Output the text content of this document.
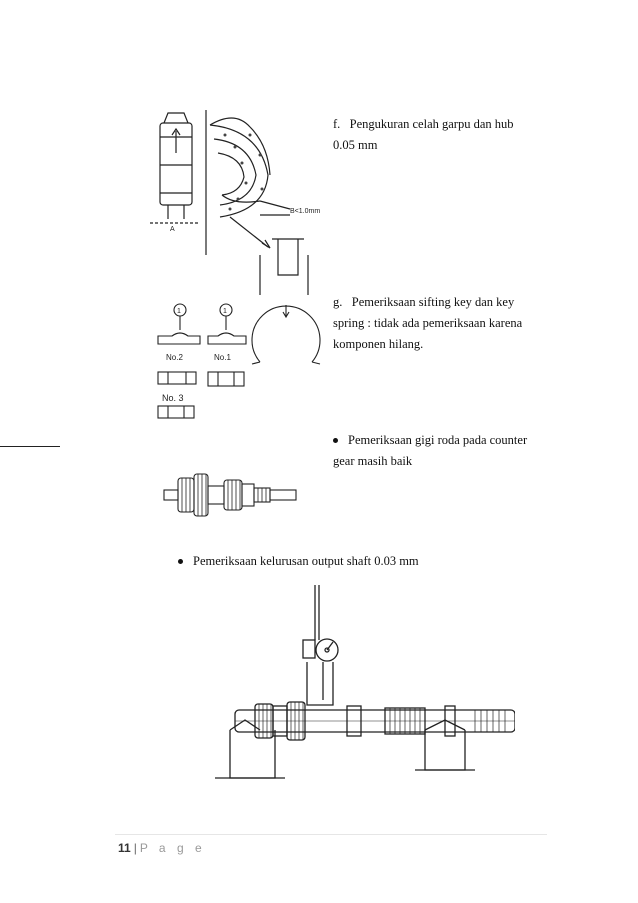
B<1.0mm
A
f. Pengukuran celah garpu dan hub
0.05 mm
1	1
No.2	No.1
No. 3
g. Pemeriksaan sifting key dan key
spring : tidak ada pemeriksaan karena
komponen hilang.
Pemeriksaan gigi roda pada counter
gear masih baik
Pemeriksaan kelurusan output shaft 0.03 mm
11 | P a g e
